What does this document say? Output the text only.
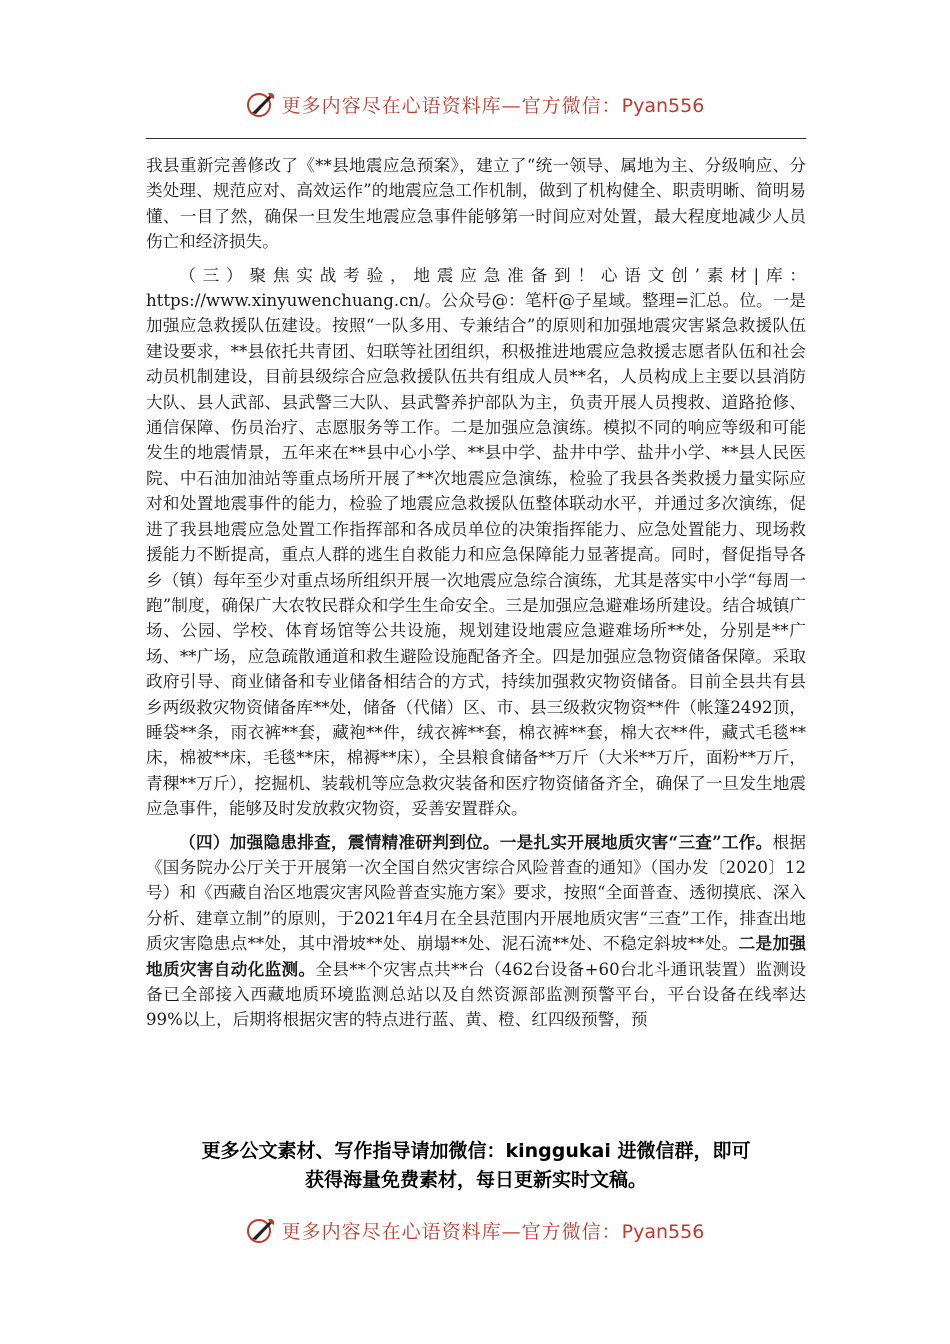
更多内容尽在心语资料库—官方微信：Pyan556

我县重新完善修改了《**县地震应急预案》，建立了“统一领导、属地为主、分级响应、分类处理、规范应对、高效运作”的地震应急工作机制，做到了机构健全、职责明晰、简明易懂、一目了然，确保一旦发生地震应急事件能够第一时间应对处置，最大程度地减少人员伤亡和经济损失。

（三）聚焦实战考验，地震应急准备到！心语文创’素材|库：https://www.xinyuwenchuang.cn/。公众号@：笔杆@子星域。整理=汇总。位。一是加强应急救援队伍建设。按照“一队多用、专兼结合”的原则和加强地震灾害紧急救援队伍建设要求，**县依托共青团、妇联等社团组织，积极推进地震应急救援志愿者队伍和社会动员机制建设，目前县级综合应急救援队伍共有组成人员**名，人员构成上主要以县消防大队、县人武部、县武警三大队、县武警养护部队为主，负责开展人员搜救、道路抢修、通信保障、伤员治疗、志愿服务等工作。二是加强应急演练。模拟不同的响应等级和可能发生的地震情景，五年来在**县中心小学、**县中学、盐井中学、盐井小学、**县人民医院、中石油加油站等重点场所开展了**次地震应急演练，检验了我县各类救援力量实际应对和处置地震事件的能力，检验了地震应急救援队伍整体联动水平，并通过多次演练，促进了我县地震应急处置工作指挥部和各成员单位的决策指挥能力、应急处置能力、现场救援能力不断提高，重点人群的逃生自救能力和应急保障能力显著提高。同时，督促指导各乡（镇）每年至少对重点场所组织开展一次地震应急综合演练，尤其是落实中小学“每周一跑”制度，确保广大农牧民群众和学生生命安全。三是加强应急避难场所建设。结合城镇广场、公园、学校、体育场馆等公共设施，规划建设地震应急避难场所**处，分别是**广场、**广场，应急疏散通道和救生避险设施配备齐全。四是加强应急物资储备保障。采取政府引导、商业储备和专业储备相结合的方式，持续加强救灾物资储备。目前全县共有县乡两级救灾物资储备库**处，储备（代储）区、市、县三级救灾物资**件（帐篷2492顶，睡袋**条，雨衣裤**套，藏袍**件，绒衣裤**套，棉衣裤**套，棉大衣**件，藏式毛毯**床，棉被**床，毛毯**床，棉褥**床），全县粮食储备**万斤（大米**万斤，面粉**万斤，青稞**万斤），挖掘机、装载机等应急救灾装备和医疗物资储备齐全，确保了一旦发生地震应急事件，能够及时发放救灾物资，妥善安置群众。

（四）加强隐患排查，震情精准研判到位。一是扎实开展地质灾害“三查”工作。根据《国务院办公厅关于开展第一次全国自然灾害综合风险普查的通知》（国办发〔2020〕12号）和《西藏自治区地震灾害风险普查实施方案》要求，按照“全面普查、透彻摸底、深入分析、建章立制”的原则，于2021年4月在全县范围内开展地质灾害“三查”工作，排查出地质灾害隐患点**处，其中滑坡**处、崩塌**处、泥石流**处、不稳定斜坡**处。二是加强地质灾害自动化监测。全县**个灾害点共**台（462台设备+60台北斗通讯装置）监测设备已全部接入西藏地质环境监测总站以及自然资源部监测预警平台，平台设备在线率达99%以上，后期将根据灾害的特点进行蓝、黄、橙、红四级预警，预

更多公文素材、写作指导请加微信：kinggukai 进微信群，即可
获得海量免费素材，每日更新实时文稿。
更多内容尽在心语资料库—官方微信：Pyan556
